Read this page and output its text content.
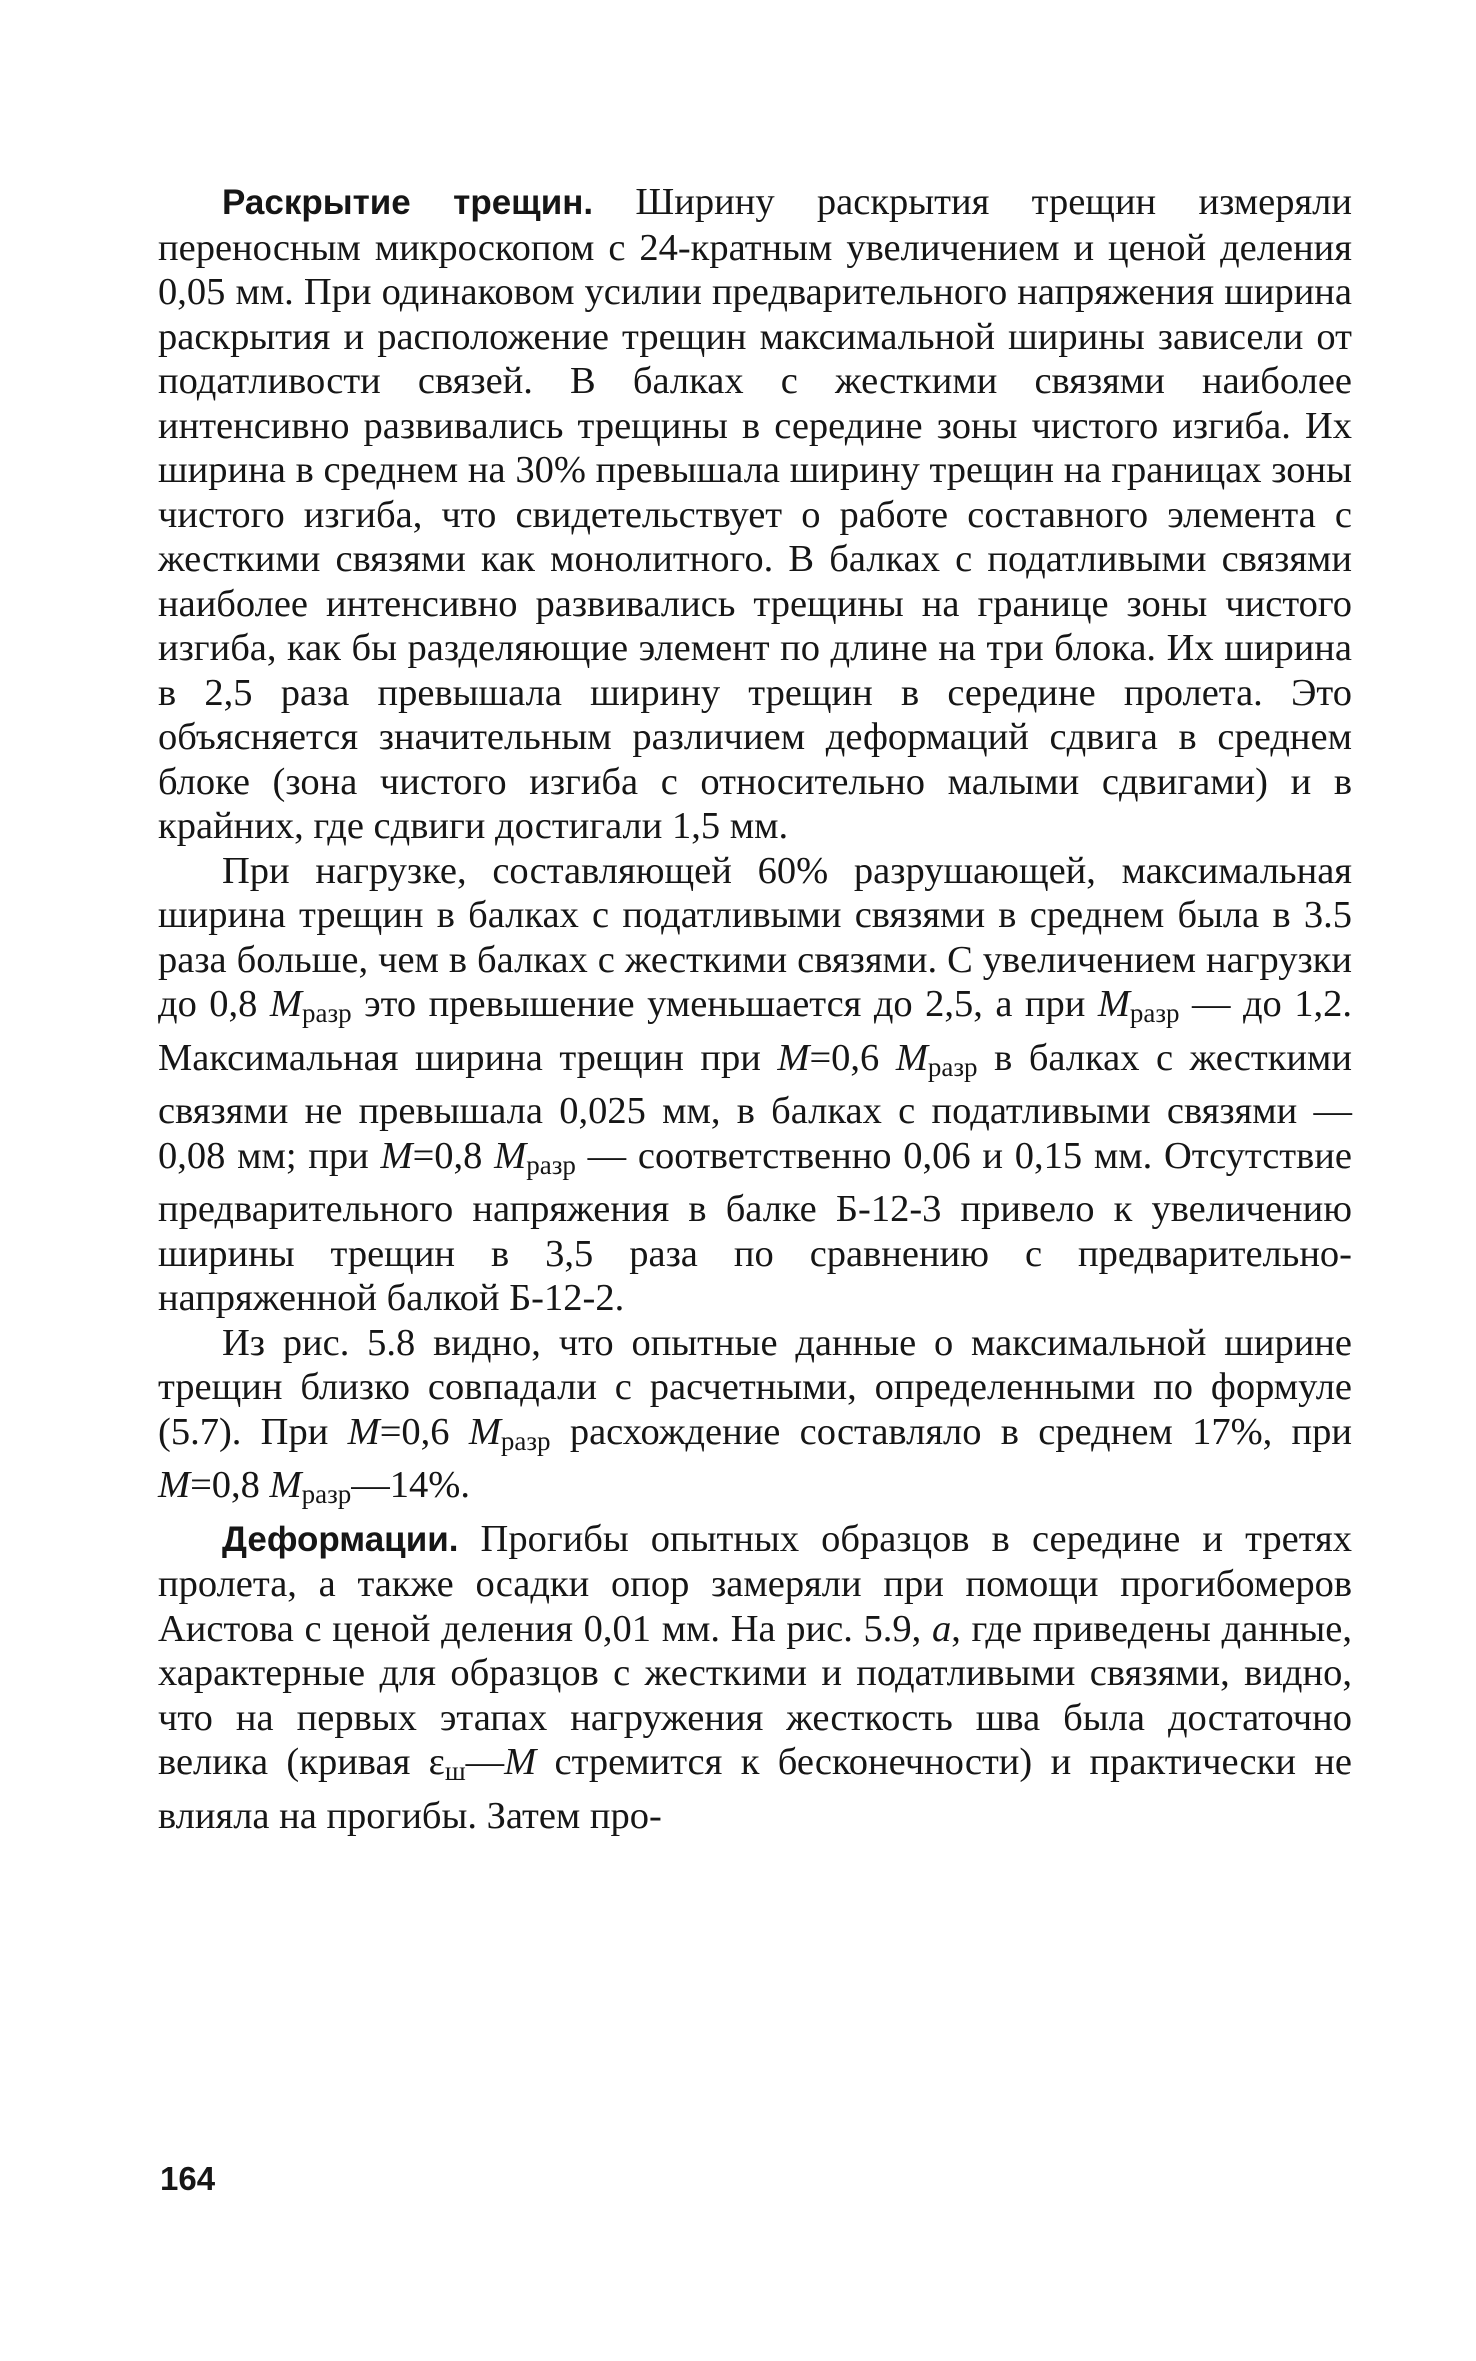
Раскрытие трещин. Ширину раскрытия трещин измеряли переносным микроскопом с 24-кратным увеличением и ценой деления 0,05 мм. При одинаковом усилии предварительного напряжения ширина раскрытия и расположение трещин максимальной ширины зависели от податливости связей. В балках с жесткими связями наиболее интенсивно развивались трещины в середине зоны чистого изгиба. Их ширина в среднем на 30% превышала ширину трещин на границах зоны чистого изгиба, что свидетельствует о работе составного элемента с жесткими связями как монолитного. В балках с податливыми связями наиболее интенсивно развивались трещины на границе зоны чистого изгиба, как бы разделяющие элемент по длине на три блока. Их ширина в 2,5 раза превышала ширину трещин в середине пролета. Это объясняется значительным различием деформаций сдвига в среднем блоке (зона чистого изгиба с относительно малыми сдвигами) и в крайних, где сдвиги достигали 1,5 мм.

При нагрузке, составляющей 60% разрушающей, максимальная ширина трещин в балках с податливыми связями в среднем была в 3.5 раза больше, чем в балках с жесткими связями. С увеличением нагрузки до 0,8 $M_{разр}$ это превышение уменьшается до 2,5, а при $M_{разр}$ — до 1,2. Максимальная ширина трещин при M=0,6 $M_{разр}$ в балках с жесткими связями не превышала 0,025 мм, в балках с податливыми связями —0,08 мм; при M=0,8 $M_{разр}$ — соответственно 0,06 и 0,15 мм. Отсутствие предварительного напряжения в балке Б-12-3 привело к увеличению ширины трещин в 3,5 раза по сравнению с предварительно-напряженной балкой Б-12-2.

Из рис. 5.8 видно, что опытные данные о максимальной ширине трещин близко совпадали с расчетными, определенными по формуле (5.7). При M=0,6 $M_{разр}$ расхождение составляло в среднем 17%, при M=0,8 $M_{разр}—14\%$.

Деформации. Прогибы опытных образцов в середине и третях пролета, а также осадки опор замеряли при помощи прогибомеров Аистова с ценой деления 0,01 мм. На рис. 5.9, а, где приведены данные, характерные для образцов с жесткими и податливыми связями, видно, что на первых этапах нагружения жесткость шва была достаточно велика (кривая $\varepsilon_ш—M$ стремится к бесконечности) и практически не влияла на прогибы. Затем про-

164
